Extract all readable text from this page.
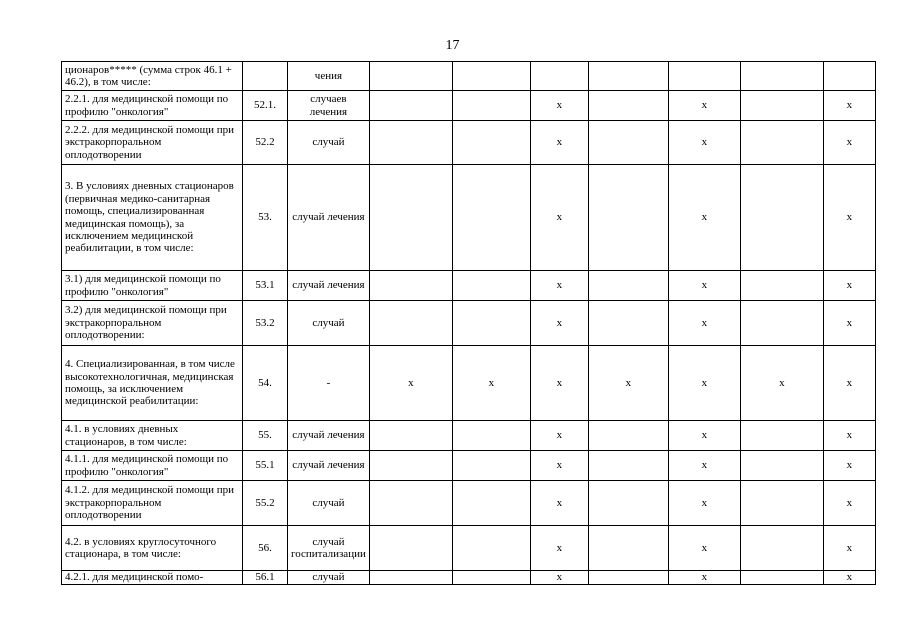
17
ционаров***** (сумма строк 46.1 + 46.2), в том числе:		чения							
2.2.1. для медицинской помощи по профилю "онкология"	52.1.	случаев лечения			x		x		x
2.2.2. для медицинской помощи при экстракорпоральном оплодотворении	52.2	случай			x		x		x
3. В условиях дневных стационаров (первичная медико-санитарная помощь, специализированная медицинская помощь), за исключением медицинской реабилитации, в том числе:	53.	случай лечения			x		x		x
3.1) для медицинской помощи по профилю "онкология"	53.1	случай лечения			x		x		x
3.2) для медицинской помощи при экстракорпоральном оплодотворении:	53.2	случай			x		x		x
4. Специализированная, в том числе высокотехнологичная, медицинская помощь, за исключением медицинской реабилитации:	54.	-	x	x	x	x	x	x	x
4.1. в условиях дневных стационаров, в том числе:	55.	случай лечения			x		x		x
4.1.1. для медицинской помощи по профилю "онкология"	55.1	случай лечения			x		x		x
4.1.2. для медицинской помощи при экстракорпоральном оплодотворении	55.2	случай			x		x		x
4.2. в условиях круглосуточного стационара, в том числе:	56.	случай госпитализации			x		x		x
4.2.1. для медицинской помо-	56.1	случай			x		x		x
